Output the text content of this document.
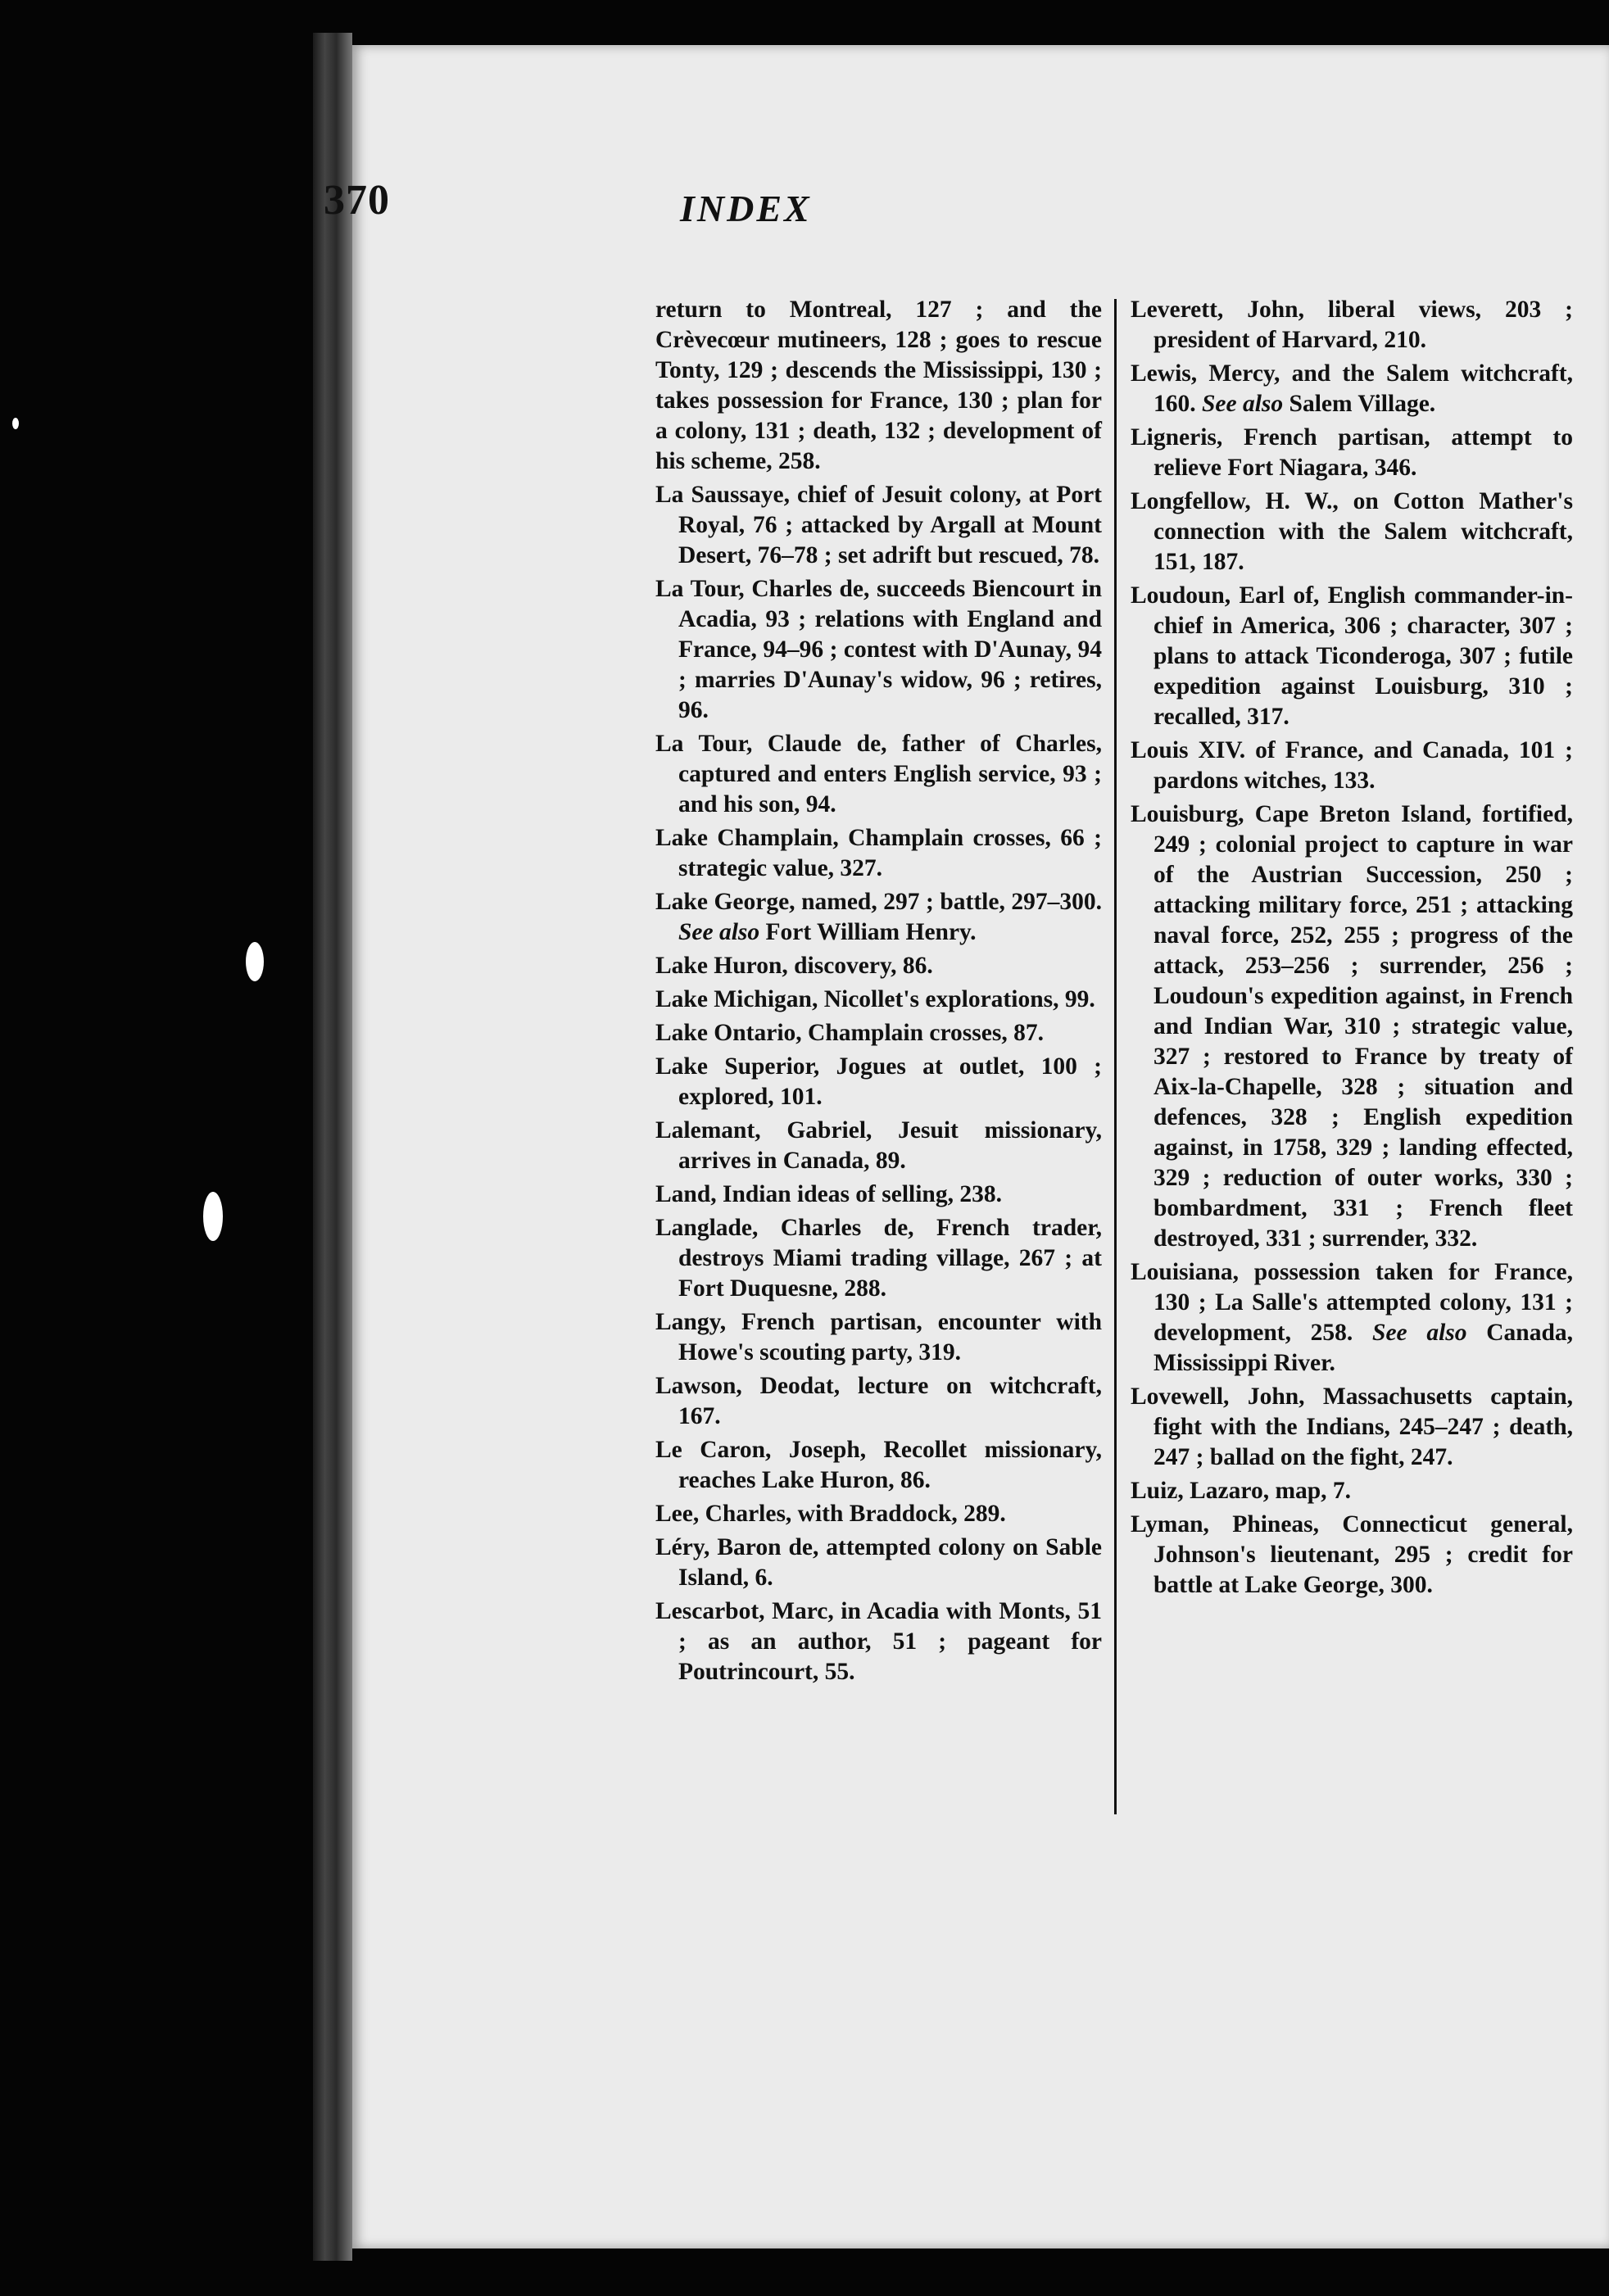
370	INDEX
return to Montreal, 127 ; and the Crèvecœur mutineers, 128 ; goes to rescue Tonty, 129 ; descends the Mississippi, 130 ; takes possession for France, 130 ; plan for a colony, 131 ; death, 132 ; development of his scheme, 258.
La Saussaye, chief of Jesuit colony, at Port Royal, 76 ; attacked by Argall at Mount Desert, 76–78 ; set adrift but rescued, 78.
La Tour, Charles de, succeeds Biencourt in Acadia, 93 ; relations with England and France, 94–96 ; contest with D'Aunay, 94 ; marries D'Aunay's widow, 96 ; retires, 96.
La Tour, Claude de, father of Charles, captured and enters English service, 93 ; and his son, 94.
Lake Champlain, Champlain crosses, 66 ; strategic value, 327.
Lake George, named, 297 ; battle, 297–300. See also Fort William Henry.
Lake Huron, discovery, 86.
Lake Michigan, Nicollet's explorations, 99.
Lake Ontario, Champlain crosses, 87.
Lake Superior, Jogues at outlet, 100 ; explored, 101.
Lalemant, Gabriel, Jesuit missionary, arrives in Canada, 89.
Land, Indian ideas of selling, 238.
Langlade, Charles de, French trader, destroys Miami trading village, 267 ; at Fort Duquesne, 288.
Langy, French partisan, encounter with Howe's scouting party, 319.
Lawson, Deodat, lecture on witchcraft, 167.
Le Caron, Joseph, Recollet missionary, reaches Lake Huron, 86.
Lee, Charles, with Braddock, 289.
Léry, Baron de, attempted colony on Sable Island, 6.
Lescarbot, Marc, in Acadia with Monts, 51 ; as an author, 51 ; pageant for Poutrincourt, 55.
Leverett, John, liberal views, 203 ; president of Harvard, 210.
Lewis, Mercy, and the Salem witchcraft, 160. See also Salem Village.
Ligneris, French partisan, attempt to relieve Fort Niagara, 346.
Longfellow, H. W., on Cotton Mather's connection with the Salem witchcraft, 151, 187.
Loudoun, Earl of, English commander-in-chief in America, 306 ; character, 307 ; plans to attack Ticonderoga, 307 ; futile expedition against Louisburg, 310 ; recalled, 317.
Louis XIV. of France, and Canada, 101 ; pardons witches, 133.
Louisburg, Cape Breton Island, fortified, 249 ; colonial project to capture in war of the Austrian Succession, 250 ; attacking military force, 251 ; attacking naval force, 252, 255 ; progress of the attack, 253–256 ; surrender, 256 ; Loudoun's expedition against, in French and Indian War, 310 ; strategic value, 327 ; restored to France by treaty of Aix-la-Chapelle, 328 ; situation and defences, 328 ; English expedition against, in 1758, 329 ; landing effected, 329 ; reduction of outer works, 330 ; bombardment, 331 ; French fleet destroyed, 331 ; surrender, 332.
Louisiana, possession taken for France, 130 ; La Salle's attempted colony, 131 ; development, 258. See also Canada, Mississippi River.
Lovewell, John, Massachusetts captain, fight with the Indians, 245–247 ; death, 247 ; ballad on the fight, 247.
Luiz, Lazaro, map, 7.
Lyman, Phineas, Connecticut general, Johnson's lieutenant, 295 ; credit for battle at Lake George, 300.
